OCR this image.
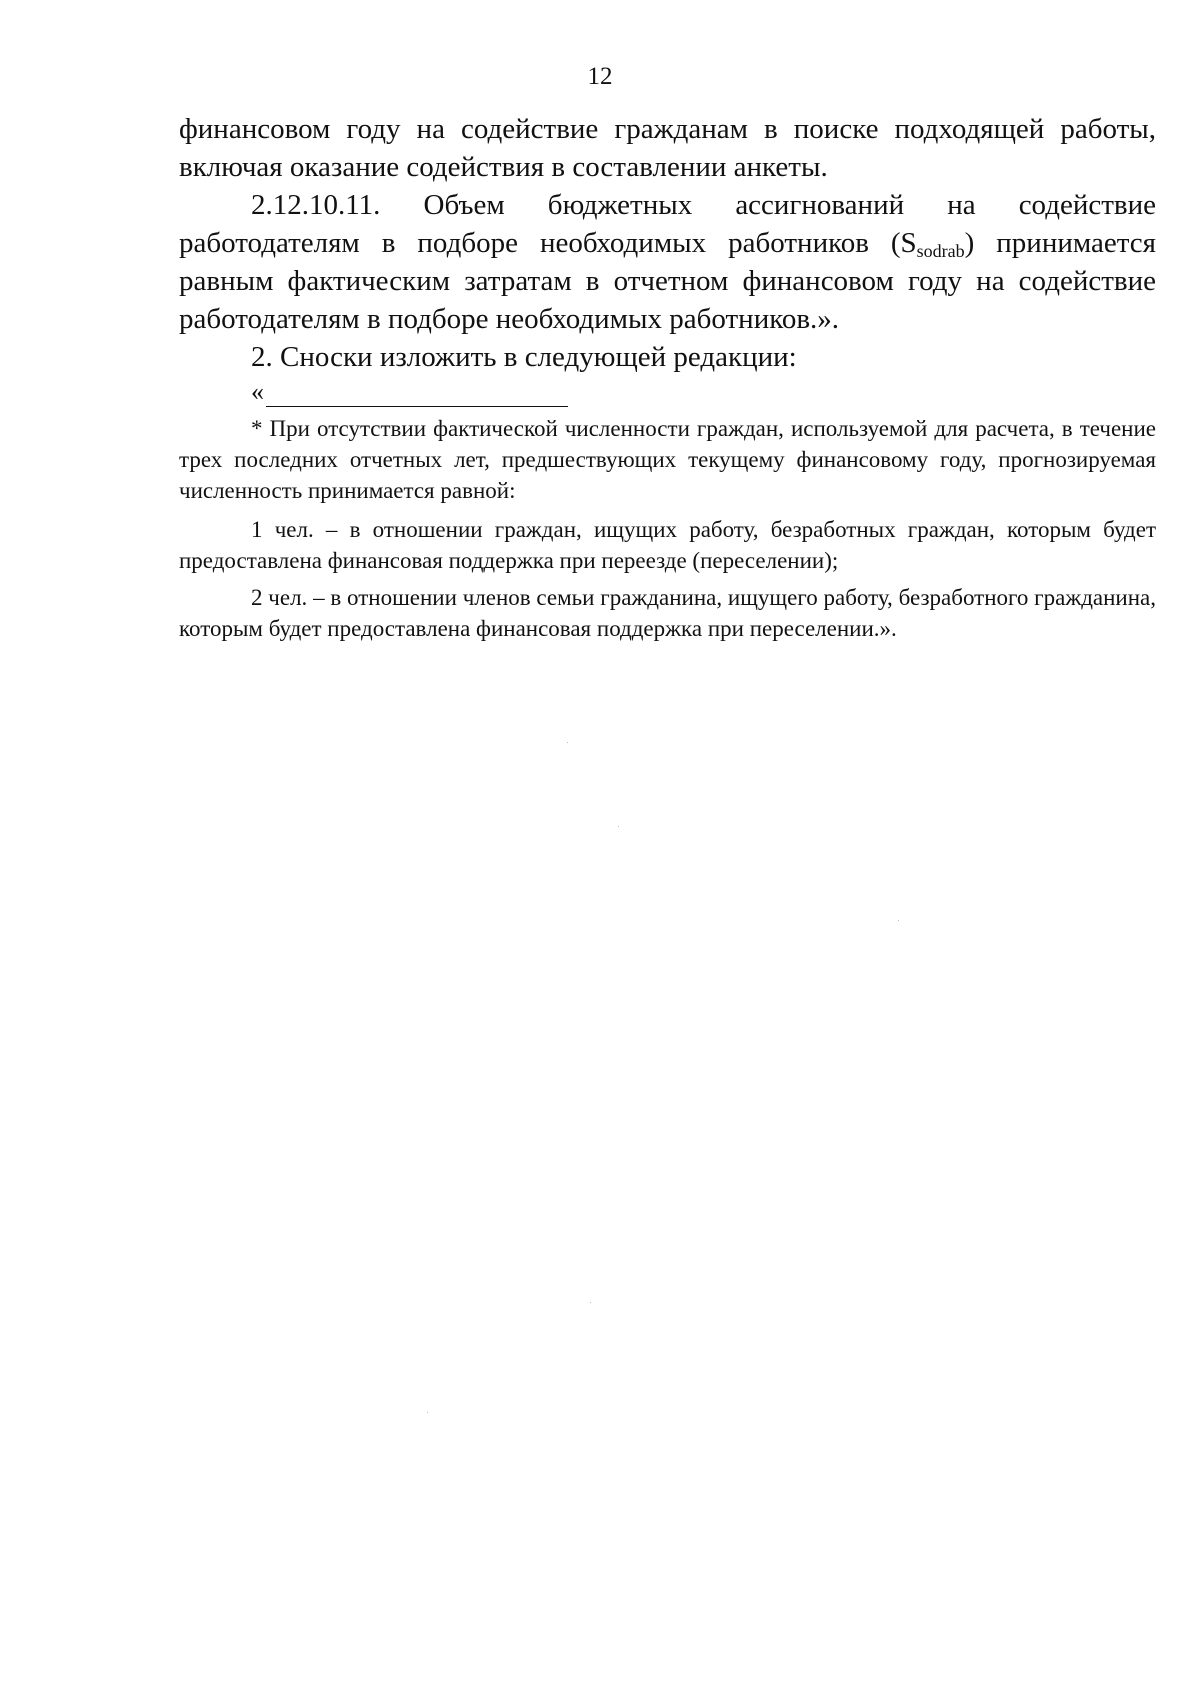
12

финансовом году на содействие гражданам в поиске подходящей работы, включая оказание содействия в составлении анкеты.

2.12.10.11. Объем бюджетных ассигнований на содействие работодателям в подборе необходимых работников $(S_{sodrab})$ принимается равным фактическим затратам в отчетном финансовом году на содействие работодателям в подборе необходимых работников.».

2. Сноски изложить в следующей редакции:

«

* При отсутствии фактической численности граждан, используемой для расчета, в течение трех последних отчетных лет, предшествующих текущему финансовому году, прогнозируемая численность принимается равной:

1 чел. – в отношении граждан, ищущих работу, безработных граждан, которым будет предоставлена финансовая поддержка при переезде (переселении);

2 чел. – в отношении членов семьи гражданина, ищущего работу, безработного гражданина, которым будет предоставлена финансовая поддержка при переселении.».
